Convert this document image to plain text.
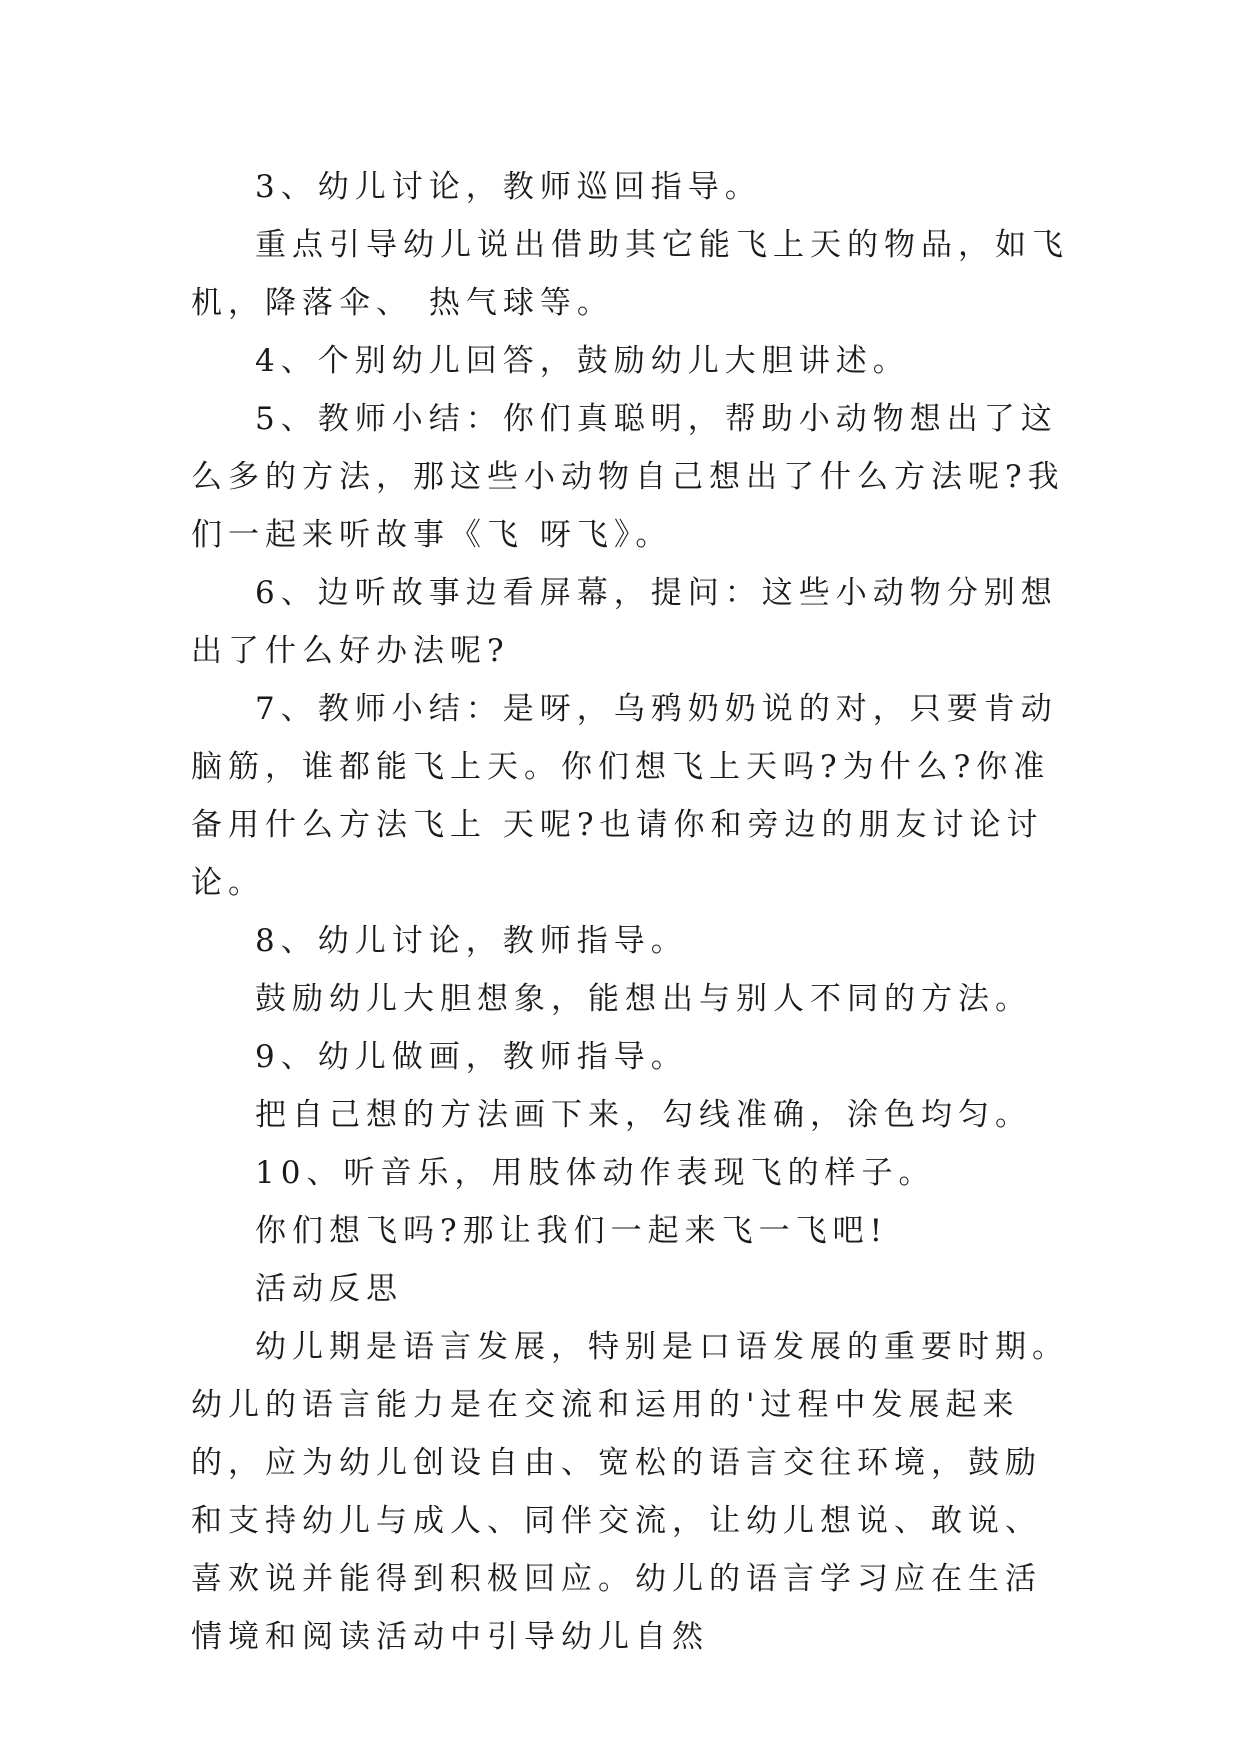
3、幼儿讨论，教师巡回指导。

重点引导幼儿说出借助其它能飞上天的物品，如飞机，降落伞、 热气球等。

4、个别幼儿回答，鼓励幼儿大胆讲述。

5、教师小结：你们真聪明，帮助小动物想出了这么多的方法，那这些小动物自己想出了什么方法呢?我们一起来听故事《飞 呀飞》。

6、边听故事边看屏幕，提问：这些小动物分别想出了什么好办法呢?

7、教师小结：是呀，乌鸦奶奶说的对，只要肯动脑筋，谁都能飞上天。你们想飞上天吗?为什么?你准备用什么方法飞上 天呢?也请你和旁边的朋友讨论讨论。

8、幼儿讨论，教师指导。

鼓励幼儿大胆想象，能想出与别人不同的方法。

9、幼儿做画，教师指导。

把自己想的方法画下来，勾线准确，涂色均匀。

10、听音乐，用肢体动作表现飞的样子。

你们想飞吗?那让我们一起来飞一飞吧!

活动反思

幼儿期是语言发展，特别是口语发展的重要时期。幼儿的语言能力是在交流和运用的'过程中发展起来的，应为幼儿创设自由、宽松的语言交往环境，鼓励和支持幼儿与成人、同伴交流，让幼儿想说、敢说、喜欢说并能得到积极回应。幼儿的语言学习应在生活情境和阅读活动中引导幼儿自然
